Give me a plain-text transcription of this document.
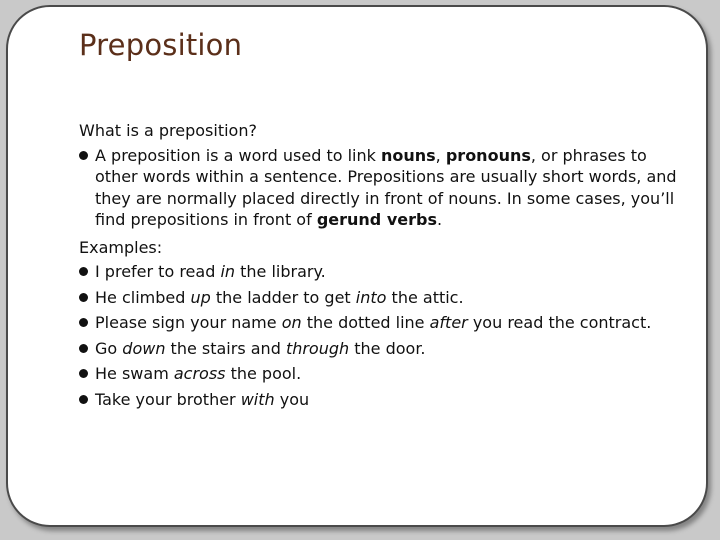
Preposition
What is a preposition?
A preposition is a word used to link nouns, pronouns, or phrases to other words within a sentence. Prepositions are usually short words, and they are normally placed directly in front of nouns. In some cases, you’ll find prepositions in front of gerund verbs.
Examples:
I prefer to read in the library.
He climbed up the ladder to get into the attic.
Please sign your name on the dotted line after you read the contract.
Go down the stairs and through the door.
He swam across the pool.
Take your brother with you
